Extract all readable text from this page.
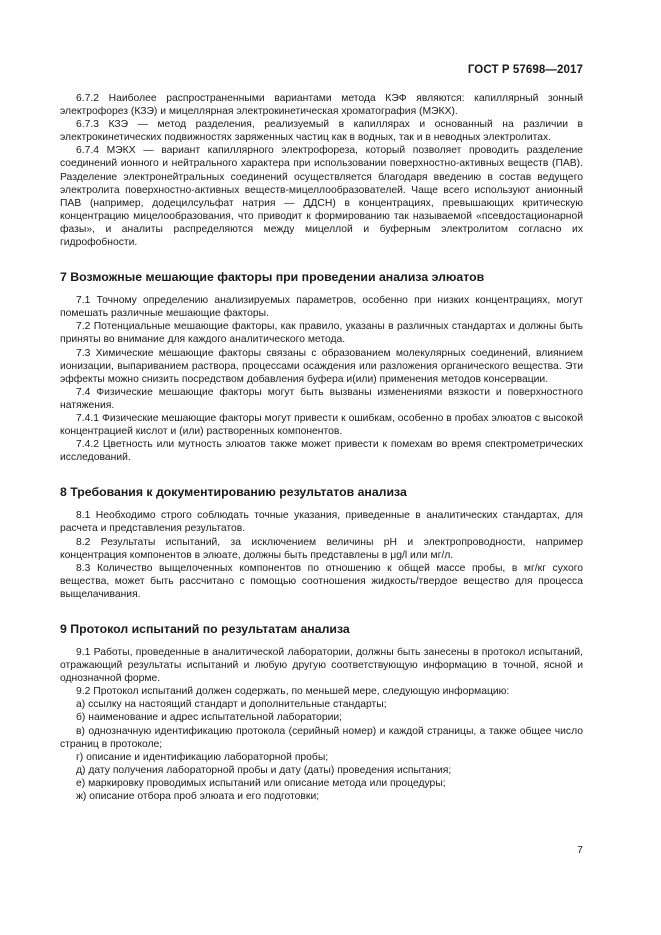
ГОСТ Р 57698—2017

6.7.2 Наиболее распространенными вариантами метода КЭФ являются: капиллярный зонный электрофорез (КЗЭ) и мицеллярная электрокинетическая хроматография (МЭКХ).

6.7.3 КЗЭ — метод разделения, реализуемый в капиллярах и основанный на различии в электрокинетических подвижностях заряженных частиц как в водных, так и в неводных электролитах.

6.7.4 МЭКХ — вариант капиллярного электрофореза, который позволяет проводить разделение соединений ионного и нейтрального характера при использовании поверхностно-активных веществ (ПАВ). Разделение электронейтральных соединений осуществляется благодаря введению в состав ведущего электролита поверхностно-активных веществ-мицеллообразователей. Чаще всего используют анионный ПАВ (например, додецилсульфат натрия — ДДСН) в концентрациях, превышающих критическую концентрацию мицелообразования, что приводит к формированию так называемой «псевдостационарной фазы», и аналиты распределяются между мицеллой и буферным электролитом согласно их гидрофобности.

7 Возможные мешающие факторы при проведении анализа элюатов

7.1 Точному определению анализируемых параметров, особенно при низких концентрациях, могут помешать различные мешающие факторы.

7.2 Потенциальные мешающие факторы, как правило, указаны в различных стандартах и должны быть приняты во внимание для каждого аналитического метода.

7.3 Химические мешающие факторы связаны с образованием молекулярных соединений, влиянием ионизации, выпариванием раствора, процессами осаждения или разложения органического вещества. Эти эффекты можно снизить посредством добавления буфера и(или) применения методов консервации.

7.4 Физические мешающие факторы могут быть вызваны изменениями вязкости и поверхностного натяжения.

7.4.1 Физические мешающие факторы могут привести к ошибкам, особенно в пробах элюатов с высокой концентрацией кислот и (или) растворенных компонентов.

7.4.2 Цветность или мутность элюатов также может привести к помехам во время спектрометрических исследований.

8 Требования к документированию результатов анализа

8.1 Необходимо строго соблюдать точные указания, приведенные в аналитических стандартах, для расчета и представления результатов.

8.2 Результаты испытаний, за исключением величины рН и электропроводности, например концентрация компонентов в элюате, должны быть представлены в μg/l или мг/л.

8.3 Количество выщелоченных компонентов по отношению к общей массе пробы, в мг/кг сухого вещества, может быть рассчитано с помощью соотношения жидкость/твердое вещество для процесса выщелачивания.

9 Протокол испытаний по результатам анализа

9.1 Работы, проведенные в аналитической лаборатории, должны быть занесены в протокол испытаний, отражающий результаты испытаний и любую другую соответствующую информацию в точной, ясной и однозначной форме.

9.2 Протокол испытаний должен содержать, по меньшей мере, следующую информацию:

а) ссылку на настоящий стандарт и дополнительные стандарты;

б) наименование и адрес испытательной лаборатории;

в) однозначную идентификацию протокола (серийный номер) и каждой страницы, а также общее число страниц в протоколе;

г) описание и идентификацию лабораторной пробы;

д) дату получения лабораторной пробы и дату (даты) проведения испытания;

е) маркировку проводимых испытаний или описание метода или процедуры;

ж) описание отбора проб элюата и его подготовки;

7
